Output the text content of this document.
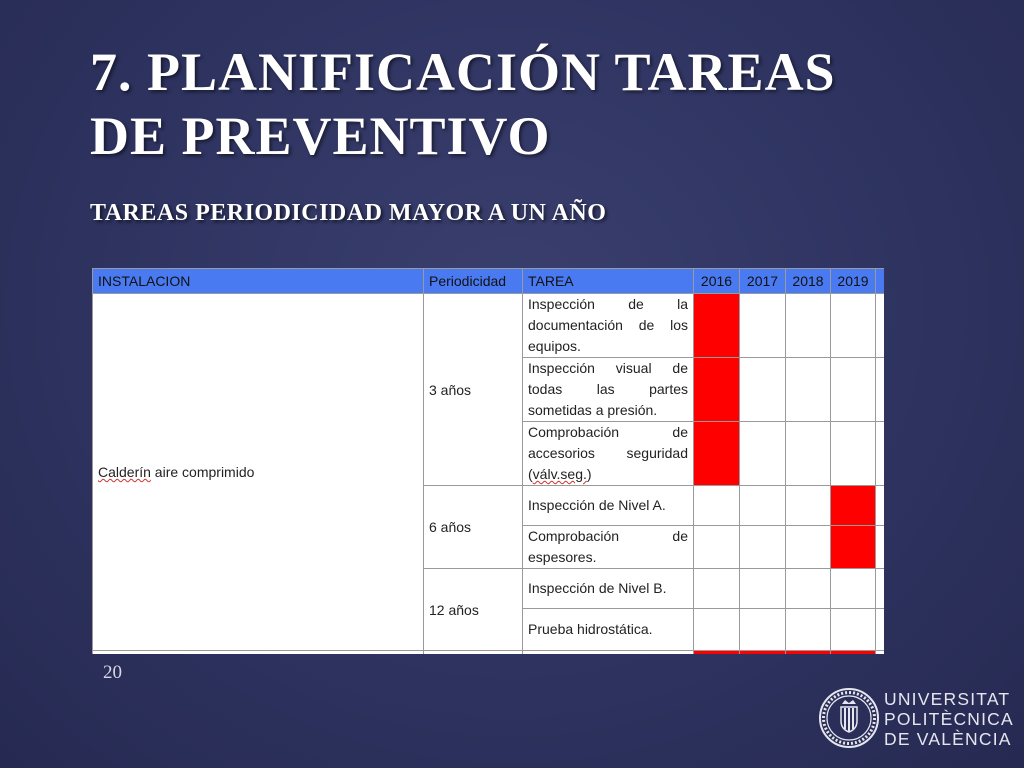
7. PLANIFICACIÓN TAREAS
DE PREVENTIVO
TAREAS PERIODICIDAD MAYOR A UN AÑO
INSTALACION	Periodicidad	TAREA	2016	2017	2018	2019	
Calderín aire comprimido	3 años	Inspección de la documentación de los equipos.					
		Inspección visual de todas las partes sometidas a presión.					
		Comprobación de accesorios seguridad (válv.seg.)					
	6 años	Inspección de Nivel A.					
		Comprobación de espesores.					
	12 años	Inspección de Nivel B.					
		Prueba hidrostática.					

20
UNIVERSITAT
POLITÈCNICA
DE VALÈNCIA
